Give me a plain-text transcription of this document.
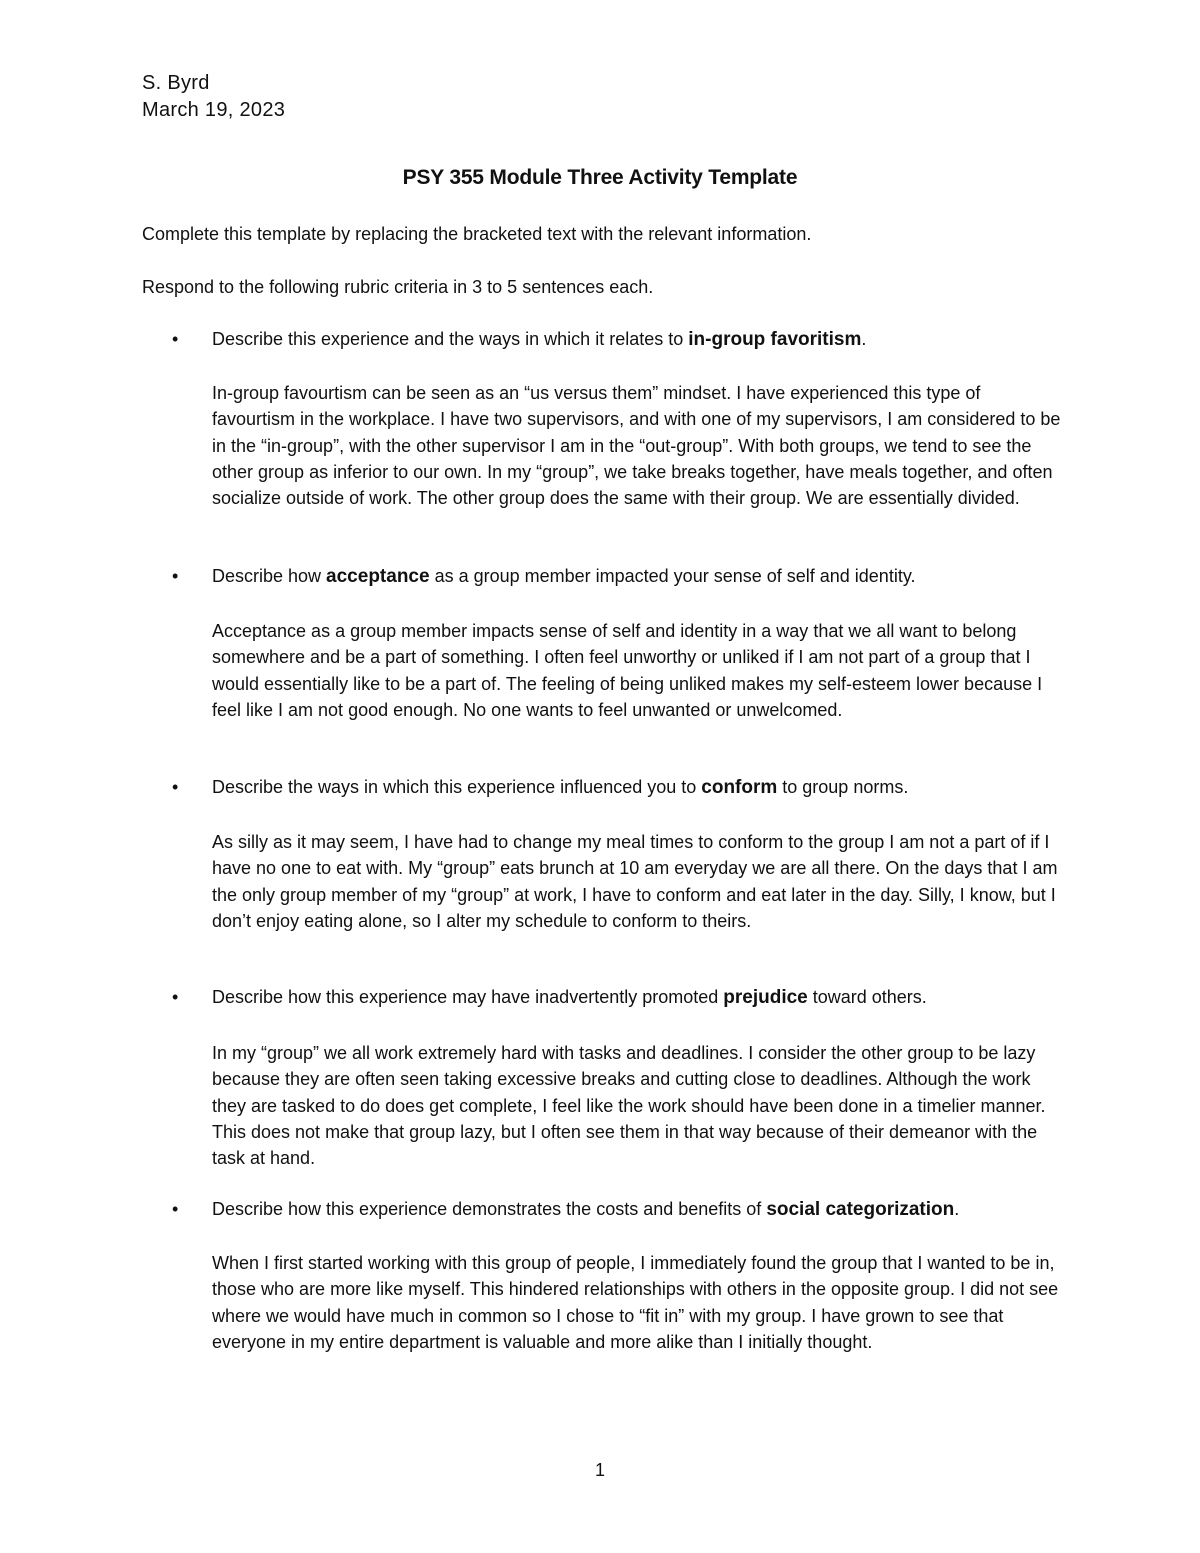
S. Byrd
March 19, 2023
PSY 355 Module Three Activity Template
Complete this template by replacing the bracketed text with the relevant information.
Respond to the following rubric criteria in 3 to 5 sentences each.
• Describe this experience and the ways in which it relates to in-group favoritism.

In-group favourtism can be seen as an “us versus them” mindset. I have experienced this type of favourtism in the workplace. I have two supervisors, and with one of my supervisors, I am considered to be in the “in-group”, with the other supervisor I am in the “out-group”. With both groups, we tend to see the other group as inferior to our own. In my “group”, we take breaks together, have meals together, and often socialize outside of work. The other group does the same with their group. We are essentially divided.

• Describe how acceptance as a group member impacted your sense of self and identity.

Acceptance as a group member impacts sense of self and identity in a way that we all want to belong somewhere and be a part of something. I often feel unworthy or unliked if I am not part of a group that I would essentially like to be a part of. The feeling of being unliked makes my self-esteem lower because I feel like I am not good enough. No one wants to feel unwanted or unwelcomed.

• Describe the ways in which this experience influenced you to conform to group norms.

As silly as it may seem, I have had to change my meal times to conform to the group I am not a part of if I have no one to eat with. My “group” eats brunch at 10 am everyday we are all there. On the days that I am the only group member of my “group” at work, I have to conform and eat later in the day. Silly, I know, but I don’t enjoy eating alone, so I alter my schedule to conform to theirs.

• Describe how this experience may have inadvertently promoted prejudice toward others.

In my “group” we all work extremely hard with tasks and deadlines. I consider the other group to be lazy because they are often seen taking excessive breaks and cutting close to deadlines. Although the work they are tasked to do does get complete, I feel like the work should have been done in a timelier manner. This does not make that group lazy, but I often see them in that way because of their demeanor with the task at hand.

• Describe how this experience demonstrates the costs and benefits of social categorization.

When I first started working with this group of people, I immediately found the group that I wanted to be in, those who are more like myself. This hindered relationships with others in the opposite group. I did not see where we would have much in common so I chose to “fit in” with my group. I have grown to see that everyone in my entire department is valuable and more alike than I initially thought.

1
